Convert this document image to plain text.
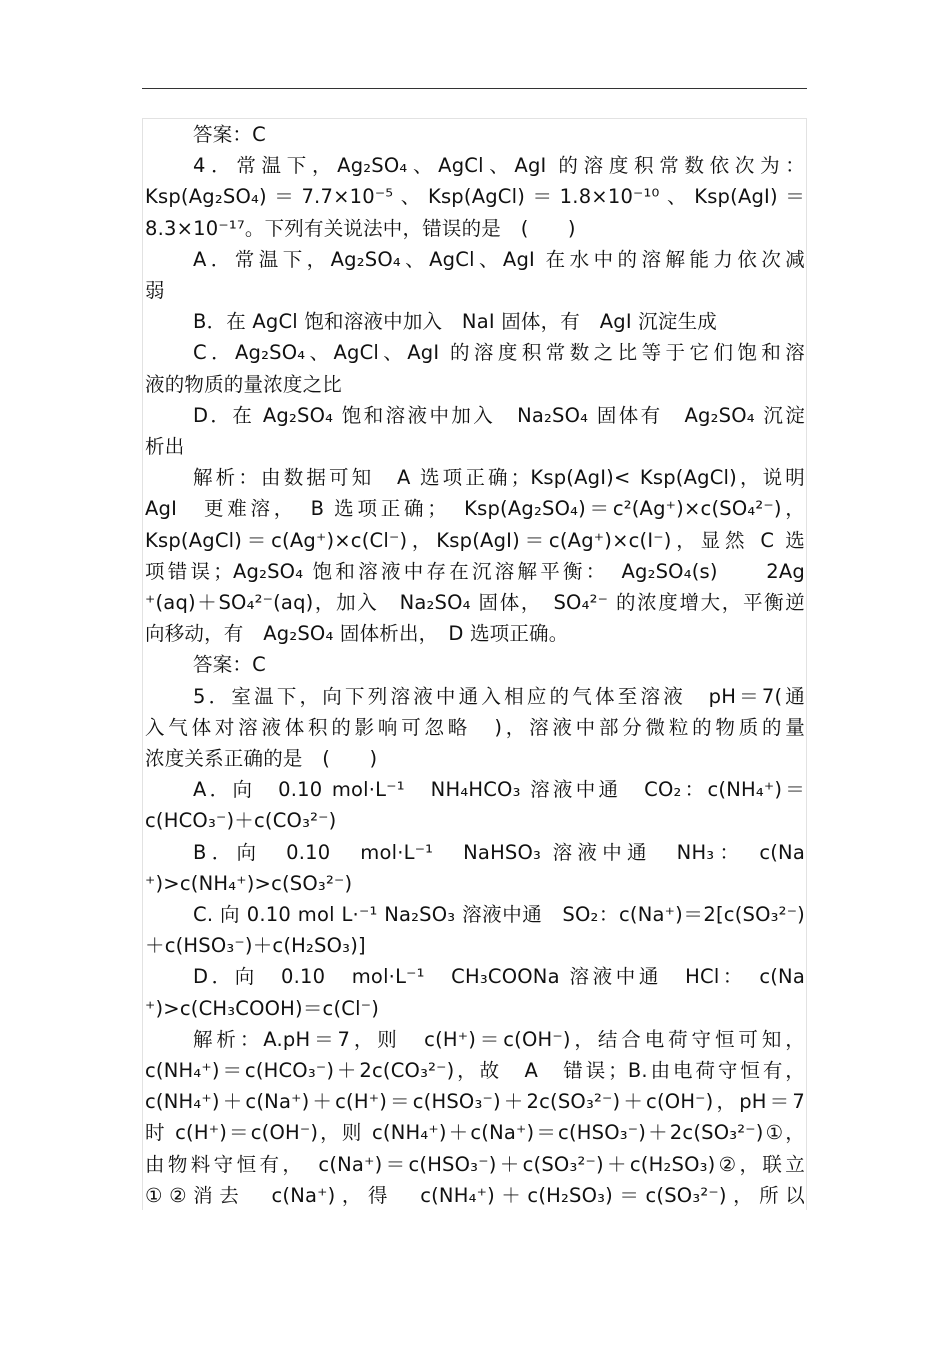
答案：C
4．常温下，Ag₂SO₄、AgCl、AgI 的溶度积常数依次为：
Ksp(Ag₂SO₄)＝7.7×10⁻⁵、Ksp(AgCl)＝1.8×10⁻¹⁰、Ksp(AgI)＝
8.3×10⁻¹⁷。下列有关说法中，错误的是　(　　)
A．常温下，Ag₂SO₄、AgCl、AgI 在水中的溶解能力依次减
弱
B．在 AgCl 饱和溶液中加入　NaI 固体，有　AgI 沉淀生成
C．Ag₂SO₄、AgCl、AgI 的溶度积常数之比等于它们饱和溶
液的物质的量浓度之比
D．在 Ag₂SO₄ 饱和溶液中加入　Na₂SO₄ 固体有　Ag₂SO₄ 沉淀
析出
解析：由数据可知　A 选项正确；Ksp(AgI)< Ksp(AgCl)，说明
AgI　更难溶，　B 选项正确；　Ksp(Ag₂SO₄)＝c²(Ag⁺)×c(SO₄²⁻)，
Ksp(AgCl)＝c(Ag⁺)×c(Cl⁻)，Ksp(AgI)＝c(Ag⁺)×c(I⁻)，显然 C 选
项错误；Ag₂SO₄ 饱和溶液中存在沉溶解平衡：　Ag₂SO₄(s)　　2Ag
⁺(aq)＋SO₄²⁻(aq)，加入　Na₂SO₄ 固体，　SO₄²⁻ 的浓度增大，平衡逆
向移动，有　Ag₂SO₄ 固体析出，　D 选项正确。
答案：C
5．室温下，向下列溶液中通入相应的气体至溶液　pH＝7(通
入气体对溶液体积的影响可忽略　)，溶液中部分微粒的物质的量
浓度关系正确的是　(　　)
A．向　0.10 mol·L⁻¹　NH₄HCO₃ 溶液中通　CO₂：c(NH₄⁺)＝
c(HCO₃⁻)＋c(CO₃²⁻)
B．向　0.10　mol·L⁻¹　NaHSO₃ 溶液中通　NH₃：　c(Na
⁺)>c(NH₄⁺)>c(SO₃²⁻)
C. 向 0.10 mol L·⁻¹ Na₂SO₃ 溶液中通　SO₂：c(Na⁺)＝2[c(SO₃²⁻)
＋c(HSO₃⁻)＋c(H₂SO₃)]
D．向　0.10　mol·L⁻¹　CH₃COONa 溶液中通　HCl：　c(Na
⁺)>c(CH₃COOH)＝c(Cl⁻)
解析：A.pH＝7，则　c(H⁺)＝c(OH⁻)，结合电荷守恒可知，
c(NH₄⁺)＝c(HCO₃⁻)＋2c(CO₃²⁻)，故　A　错误；B.由电荷守恒有，
c(NH₄⁺)＋c(Na⁺)＋c(H⁺)＝c(HSO₃⁻)＋2c(SO₃²⁻)＋c(OH⁻)，pH＝7
时 c(H⁺)＝c(OH⁻)，则 c(NH₄⁺)＋c(Na⁺)＝c(HSO₃⁻)＋2c(SO₃²⁻)①，
由物料守恒有，　c(Na⁺)＝c(HSO₃⁻)＋c(SO₃²⁻)＋c(H₂SO₃)②，联立
①②消去　c(Na⁺)，得　c(NH₄⁺)＋c(H₂SO₃)＝c(SO₃²⁻)，所以
